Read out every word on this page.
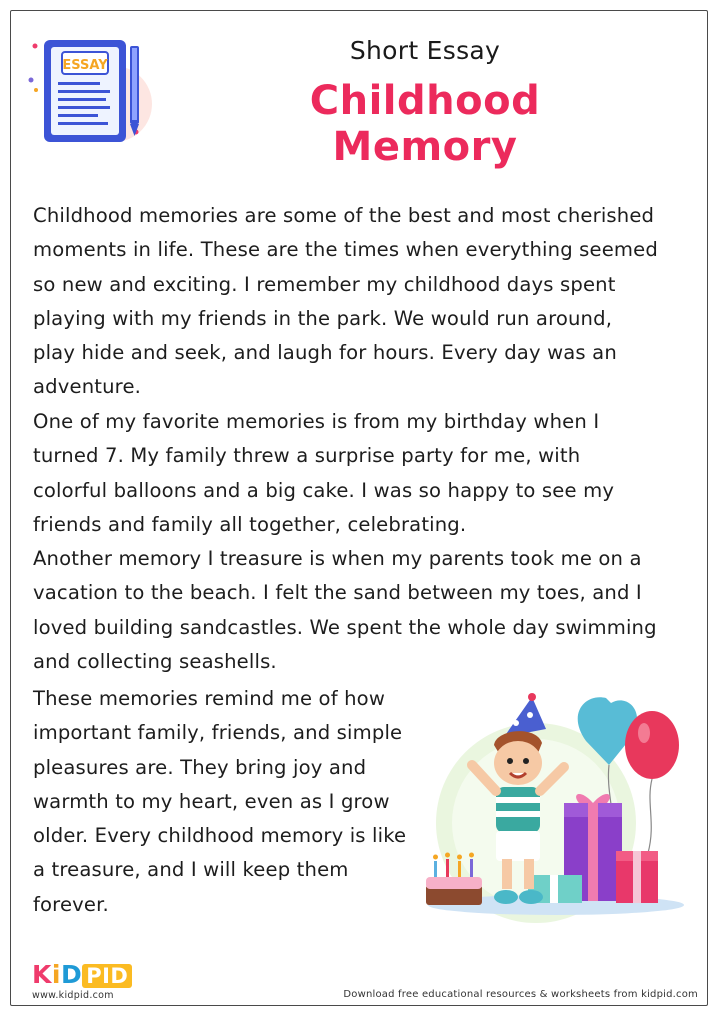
ESSAY
Short Essay
Childhood Memory

Childhood memories are some of the best and most cherished
moments in life. These are the times when everything seemed
so new and exciting. I remember my childhood days spent
playing with my friends in the park. We would run around,
play hide and seek, and laugh for hours. Every day was an
adventure.

One of my favorite memories is from my birthday when I
turned 7. My family threw a surprise party for me, with
colorful balloons and a big cake. I was so happy to see my
friends and family all together, celebrating.

Another memory I treasure is when my parents took me on a
vacation to the beach. I felt the sand between my toes, and I
loved building sandcastles. We spent the whole day swimming
and collecting seashells.

These memories remind me of how
important family, friends, and simple
pleasures are. They bring joy and
warmth to my heart, even as I grow
older. Every childhood memory is like
a treasure, and I will keep them
forever.

KiD PID
www.kidpid.com	Download free educational resources & worksheets from kidpid.com
